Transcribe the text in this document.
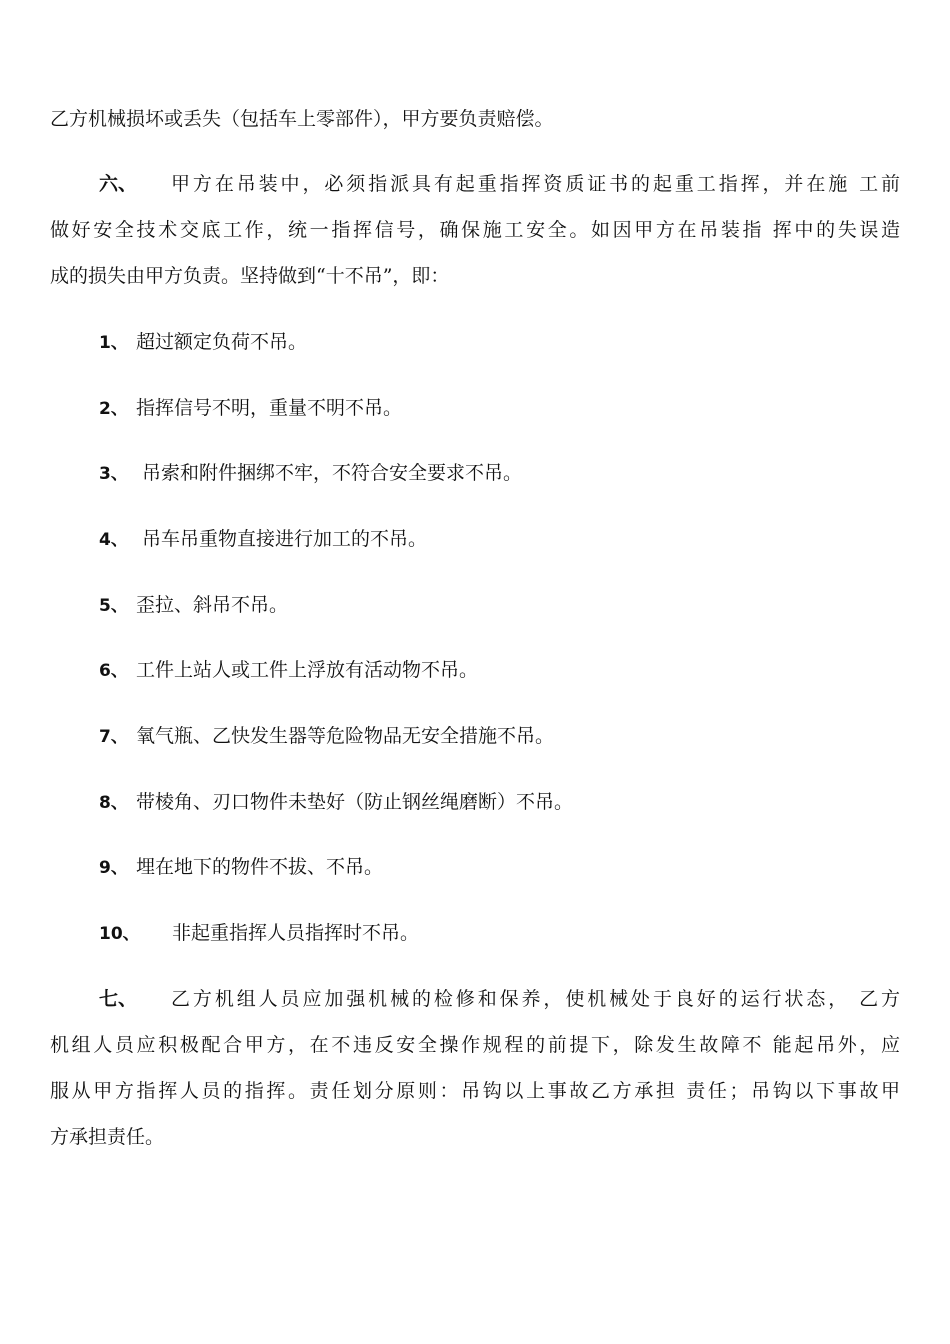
乙方机械损坏或丢失（包括车上零部件），甲方要负责赔偿。
六、 甲方在吊装中，必须指派具有起重指挥资质证书的起重工指挥，并在施 工前
做好安全技术交底工作，统一指挥信号，确保施工安全。如因甲方在吊装指 挥中的失误造
成的损失由甲方负责。坚持做到“十不吊”，即：
1、 超过额定负荷不吊。
2、 指挥信号不明，重量不明不吊。
3、 吊索和附件捆绑不牢，不符合安全要求不吊。
4、 吊车吊重物直接进行加工的不吊。
5、 歪拉、斜吊不吊。
6、 工件上站人或工件上浮放有活动物不吊。
7、 氧气瓶、乙快发生器等危险物品无安全措施不吊。
8、 带棱角、刃口物件未垫好（防止钢丝绳磨断）不吊。
9、 埋在地下的物件不拔、不吊。
10、 非起重指挥人员指挥时不吊。
七、 乙方机组人员应加强机械的检修和保养，使机械处于良好的运行状态， 乙方
机组人员应积极配合甲方，在不违反安全操作规程的前提下，除发生故障不 能起吊外，应
服从甲方指挥人员的指挥。责任划分原则：吊钩以上事故乙方承担 责任；吊钩以下事故甲
方承担责任。
